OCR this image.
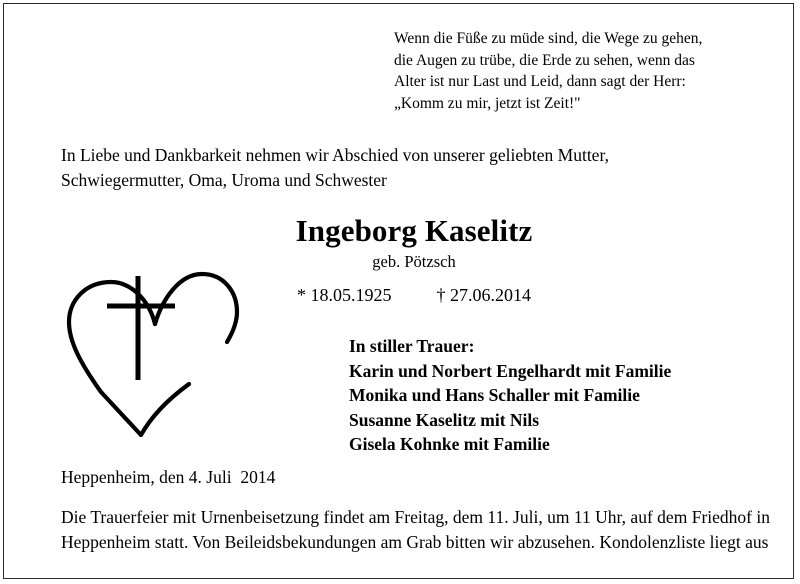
Wenn die Füße zu müde sind, die Wege zu gehen,

die Augen zu trübe, die Erde zu sehen, wenn das

Alter ist nur Last und Leid, dann sagt der Herr:

„Komm zu mir, jetzt ist Zeit!"

In Liebe und Dankbarkeit nehmen wir Abschied von unserer geliebten Mutter,

Schwiegermutter, Oma, Uroma und Schwester

Ingeborg Kaselitz

geb. Pötzsch

* 18.05.1925          † 27.06.2014

In stiller Trauer:
Karin und Norbert Engelhardt mit Familie
Monika und Hans Schaller mit Familie
Susanne Kaselitz mit Nils
Gisela Kohnke mit Familie
Heppenheim, den 4. Juli  2014

Die Trauerfeier mit Urnenbeisetzung findet am Freitag, dem 11. Juli, um 11 Uhr, auf dem Friedhof in Heppenheim statt. Von Beileidsbekundungen am Grab bitten wir abzusehen. Kondolenzliste liegt aus
